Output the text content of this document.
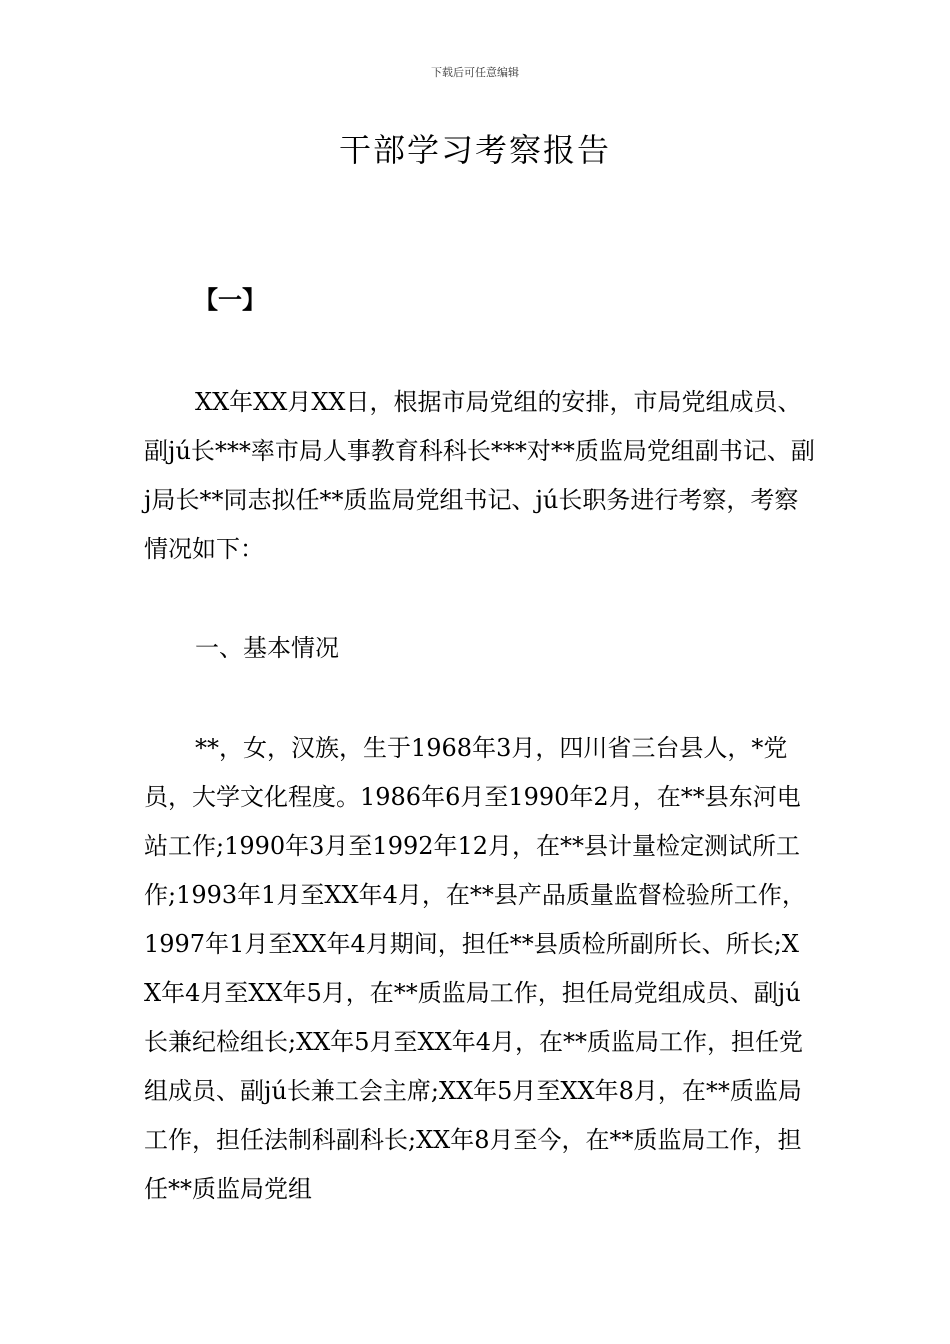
下载后可任意编辑
干部学习考察报告
【一】

XX年XX月XX日，根据市局党组的安排，市局党组成员、副jú长***率市局人事教育科科长***对**质监局党组副书记、副j局长**同志拟任**质监局党组书记、jú长职务进行考察，考察情况如下：

一、基本情况

**，女，汉族，生于1968年3月，四川省三台县人，*党员，大学文化程度。1986年6月至1990年2月，在**县东河电站工作;1990年3月至1992年12月，在**县计量检定测试所工作;1993年1月至XX年4月，在**县产品质量监督检验所工作，1997年1月至XX年4月期间，担任**县质检所副所长、所长;XX年4月至XX年5月，在**质监局工作，担任局党组成员、副jú长兼纪检组长;XX年5月至XX年4月，在**质监局工作，担任党组成员、副jú长兼工会主席;XX年5月至XX年8月，在**质监局工作，担任法制科副科长;XX年8月至今，在**质监局工作，担任**质监局党组
